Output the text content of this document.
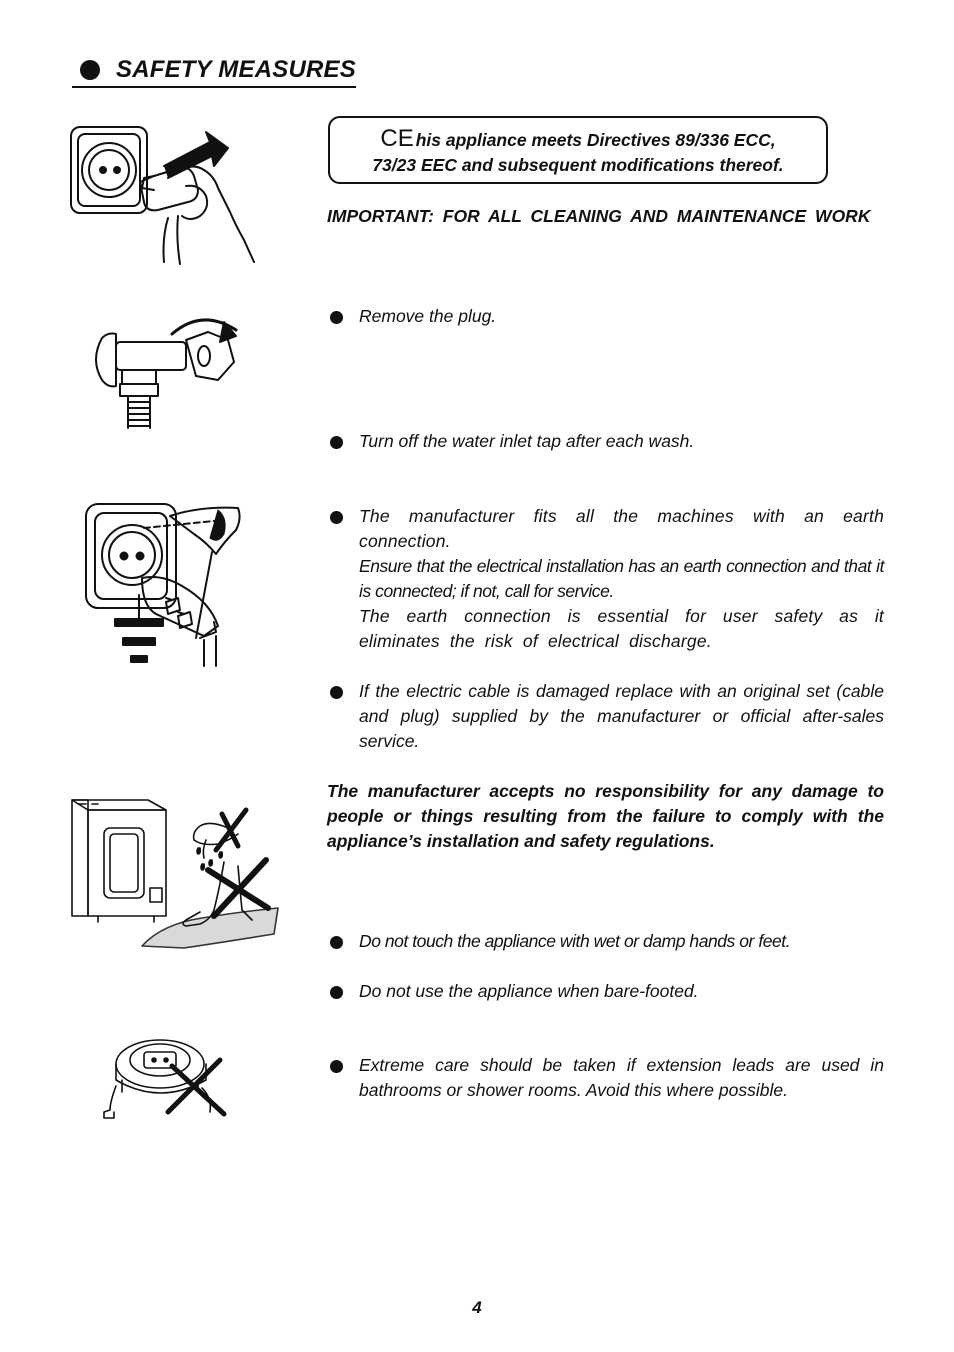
SAFETY MEASURES
CE his appliance meets Directives 89/336 ECC,
73/23 EEC and subsequent modifications thereof.
IMPORTANT: FOR ALL CLEANING AND MAINTENANCE WORK
Remove the plug.
Turn off the water inlet tap after each wash.

The manufacturer fits all the machines with an earth connection.

Ensure that the electrical installation has an earth connection and that it is connected; if not, call for service.

The earth connection is essential for user safety as it eliminates the risk of electrical discharge.

If the electric cable is damaged replace with an original set (cable and plug) supplied by the manufacturer or official after-sales service.
The manufacturer accepts no responsibility for any damage to people or things resulting from the failure to comply with the appliance’s installation and safety regulations.
Do not touch the appliance with wet or damp hands or feet.
Do not use the appliance when bare-footed.
Extreme care should be taken if extension leads are used in bathrooms or shower rooms. Avoid this where possible.
4
